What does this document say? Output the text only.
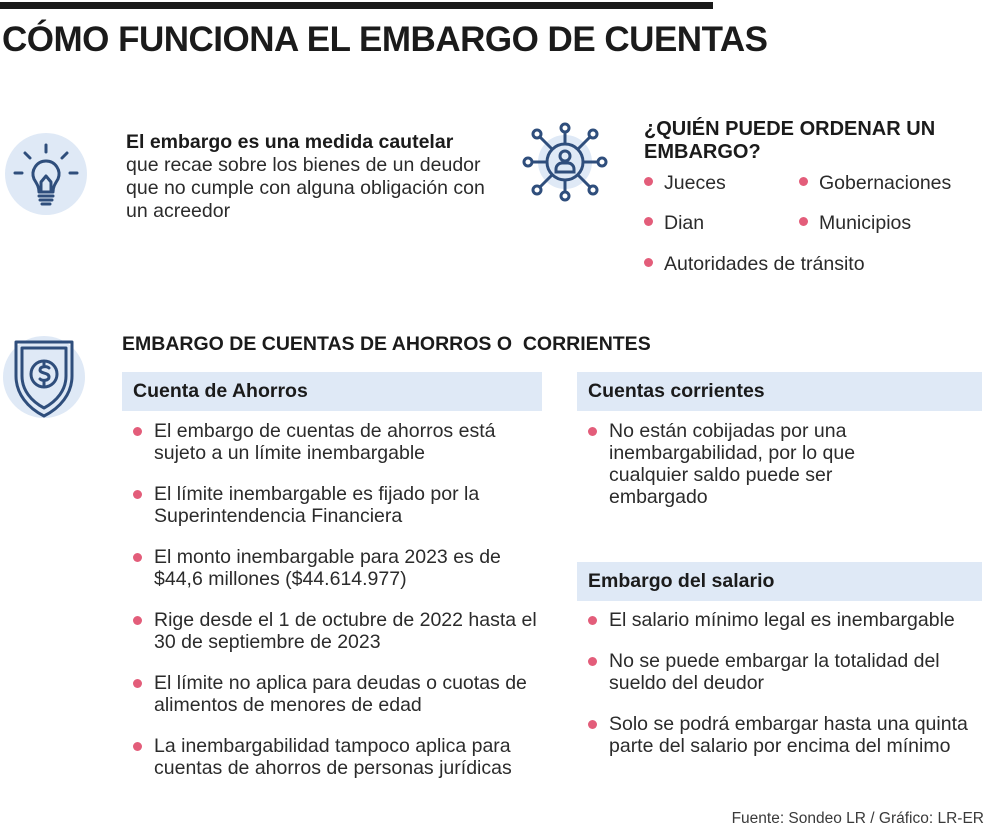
CÓMO FUNCIONA EL EMBARGO DE CUENTAS

El embargo es una medida cautelar que recae sobre los bienes de un deudor que no cumple con alguna obligación con un acreedor

¿QUIÉN PUEDE ORDENAR UN EMBARGO?
Jueces	Gobernaciones
Dian	Municipios
Autoridades de tránsito
EMBARGO DE CUENTAS DE AHORROS O  CORRIENTES
Cuenta de Ahorros
El embargo de cuentas de ahorros está sujeto a un límite inembargable
El límite inembargable es fijado por la Superintendencia Financiera
El monto inembargable para 2023 es de $44,6 millones ($44.614.977)
Rige desde el 1 de octubre de 2022 hasta el 30 de septiembre de 2023
El límite no aplica para deudas o cuotas de alimentos de menores de edad
La inembargabilidad tampoco aplica para cuentas de ahorros de personas jurídicas
Cuentas corrientes
No están cobijadas por una inembargabilidad, por lo que cualquier saldo puede ser embargado
Embargo del salario
El salario mínimo legal es inembargable
No se puede embargar la totalidad del sueldo del deudor
Solo se podrá embargar hasta una quinta parte del salario por encima del mínimo
Fuente: Sondeo LR / Gráfico: LR-ER
